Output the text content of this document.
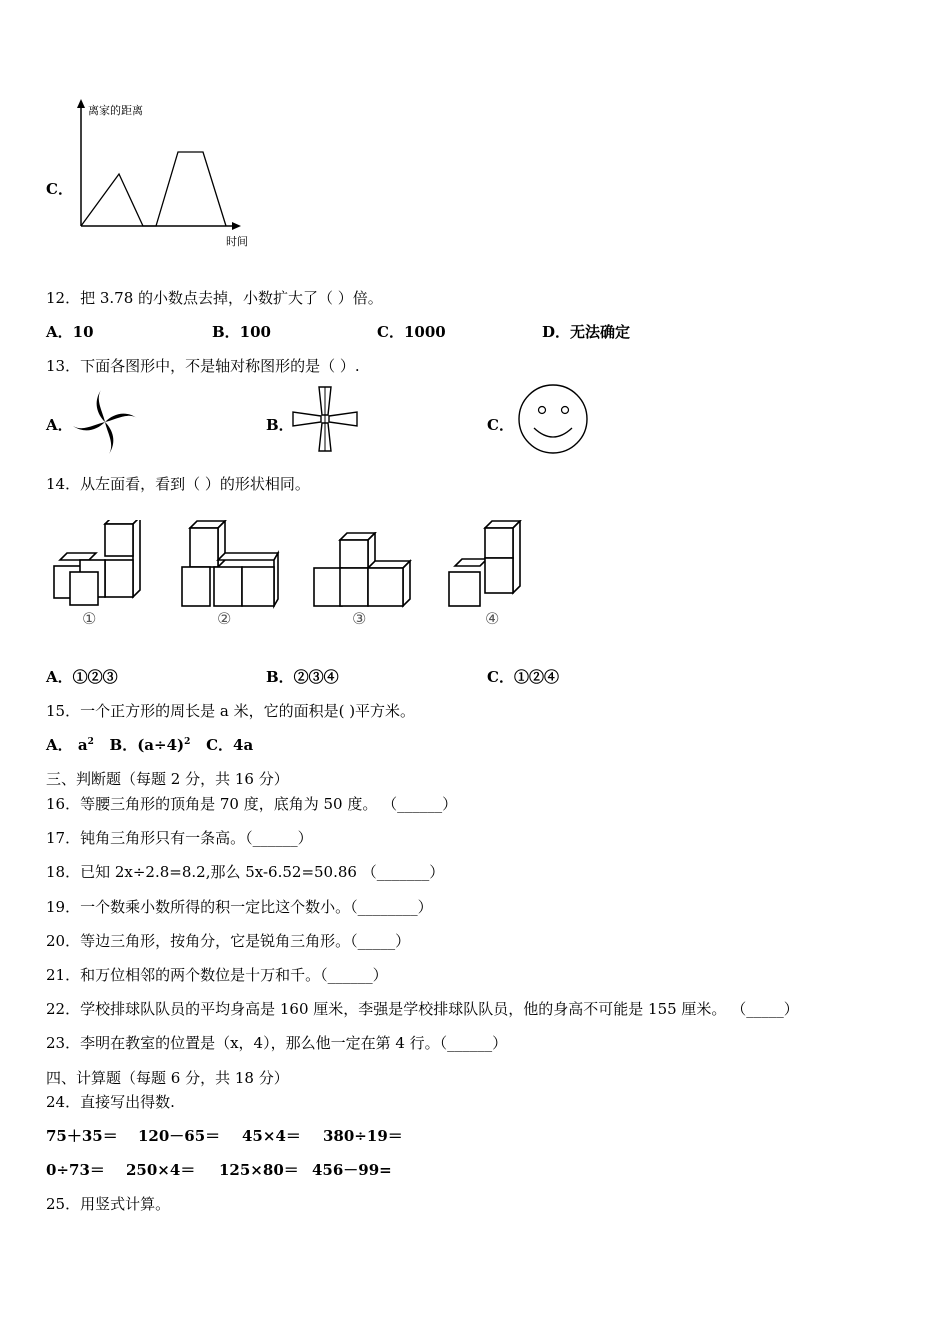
C．
离家的距离
时间
12．把 3.78 的小数点去掉，小数扩大了（ ）倍。
A．10	B．100	C．1000	D．无法确定
13．下面各图形中，不是轴对称图形的是（ ）.
A．	B．	C．
14．从左面看，看到（ ）的形状相同。
①	②	③	④
A．①②③	B．②③④	C．①②④
15．一个正方形的周长是 a 米，它的面积是( )平方米。
A． $a^2$ B．$(a\div 4)^2$ C．4a
三、判断题（每题 2 分，共 16 分）
16．等腰三角形的顶角是 70 度，底角为 50 度。 （______）
17．钝角三角形只有一条高。（______）
18．已知 2x÷2.8=8.2,那么 5x-6.52=50.86 （_______）
19．一个数乘小数所得的积一定比这个数小。（________）
20．等边三角形，按角分，它是锐角三角形。（_____）
21．和万位相邻的两个数位是十万和千。（______）
22．学校排球队队员的平均身高是 160 厘米，李强是学校排球队队员，他的身高不可能是 155 厘米。 （_____）
23．李明在教室的位置是（x，4），那么他一定在第 4 行。（______）
四、计算题（每题 6 分，共 18 分）
24．直接写出得数.
75＋35＝ 120－65＝ 45×4＝ 380÷19＝
0÷73＝ 250×4＝ 125×80＝ 456－99=
25．用竖式计算。
